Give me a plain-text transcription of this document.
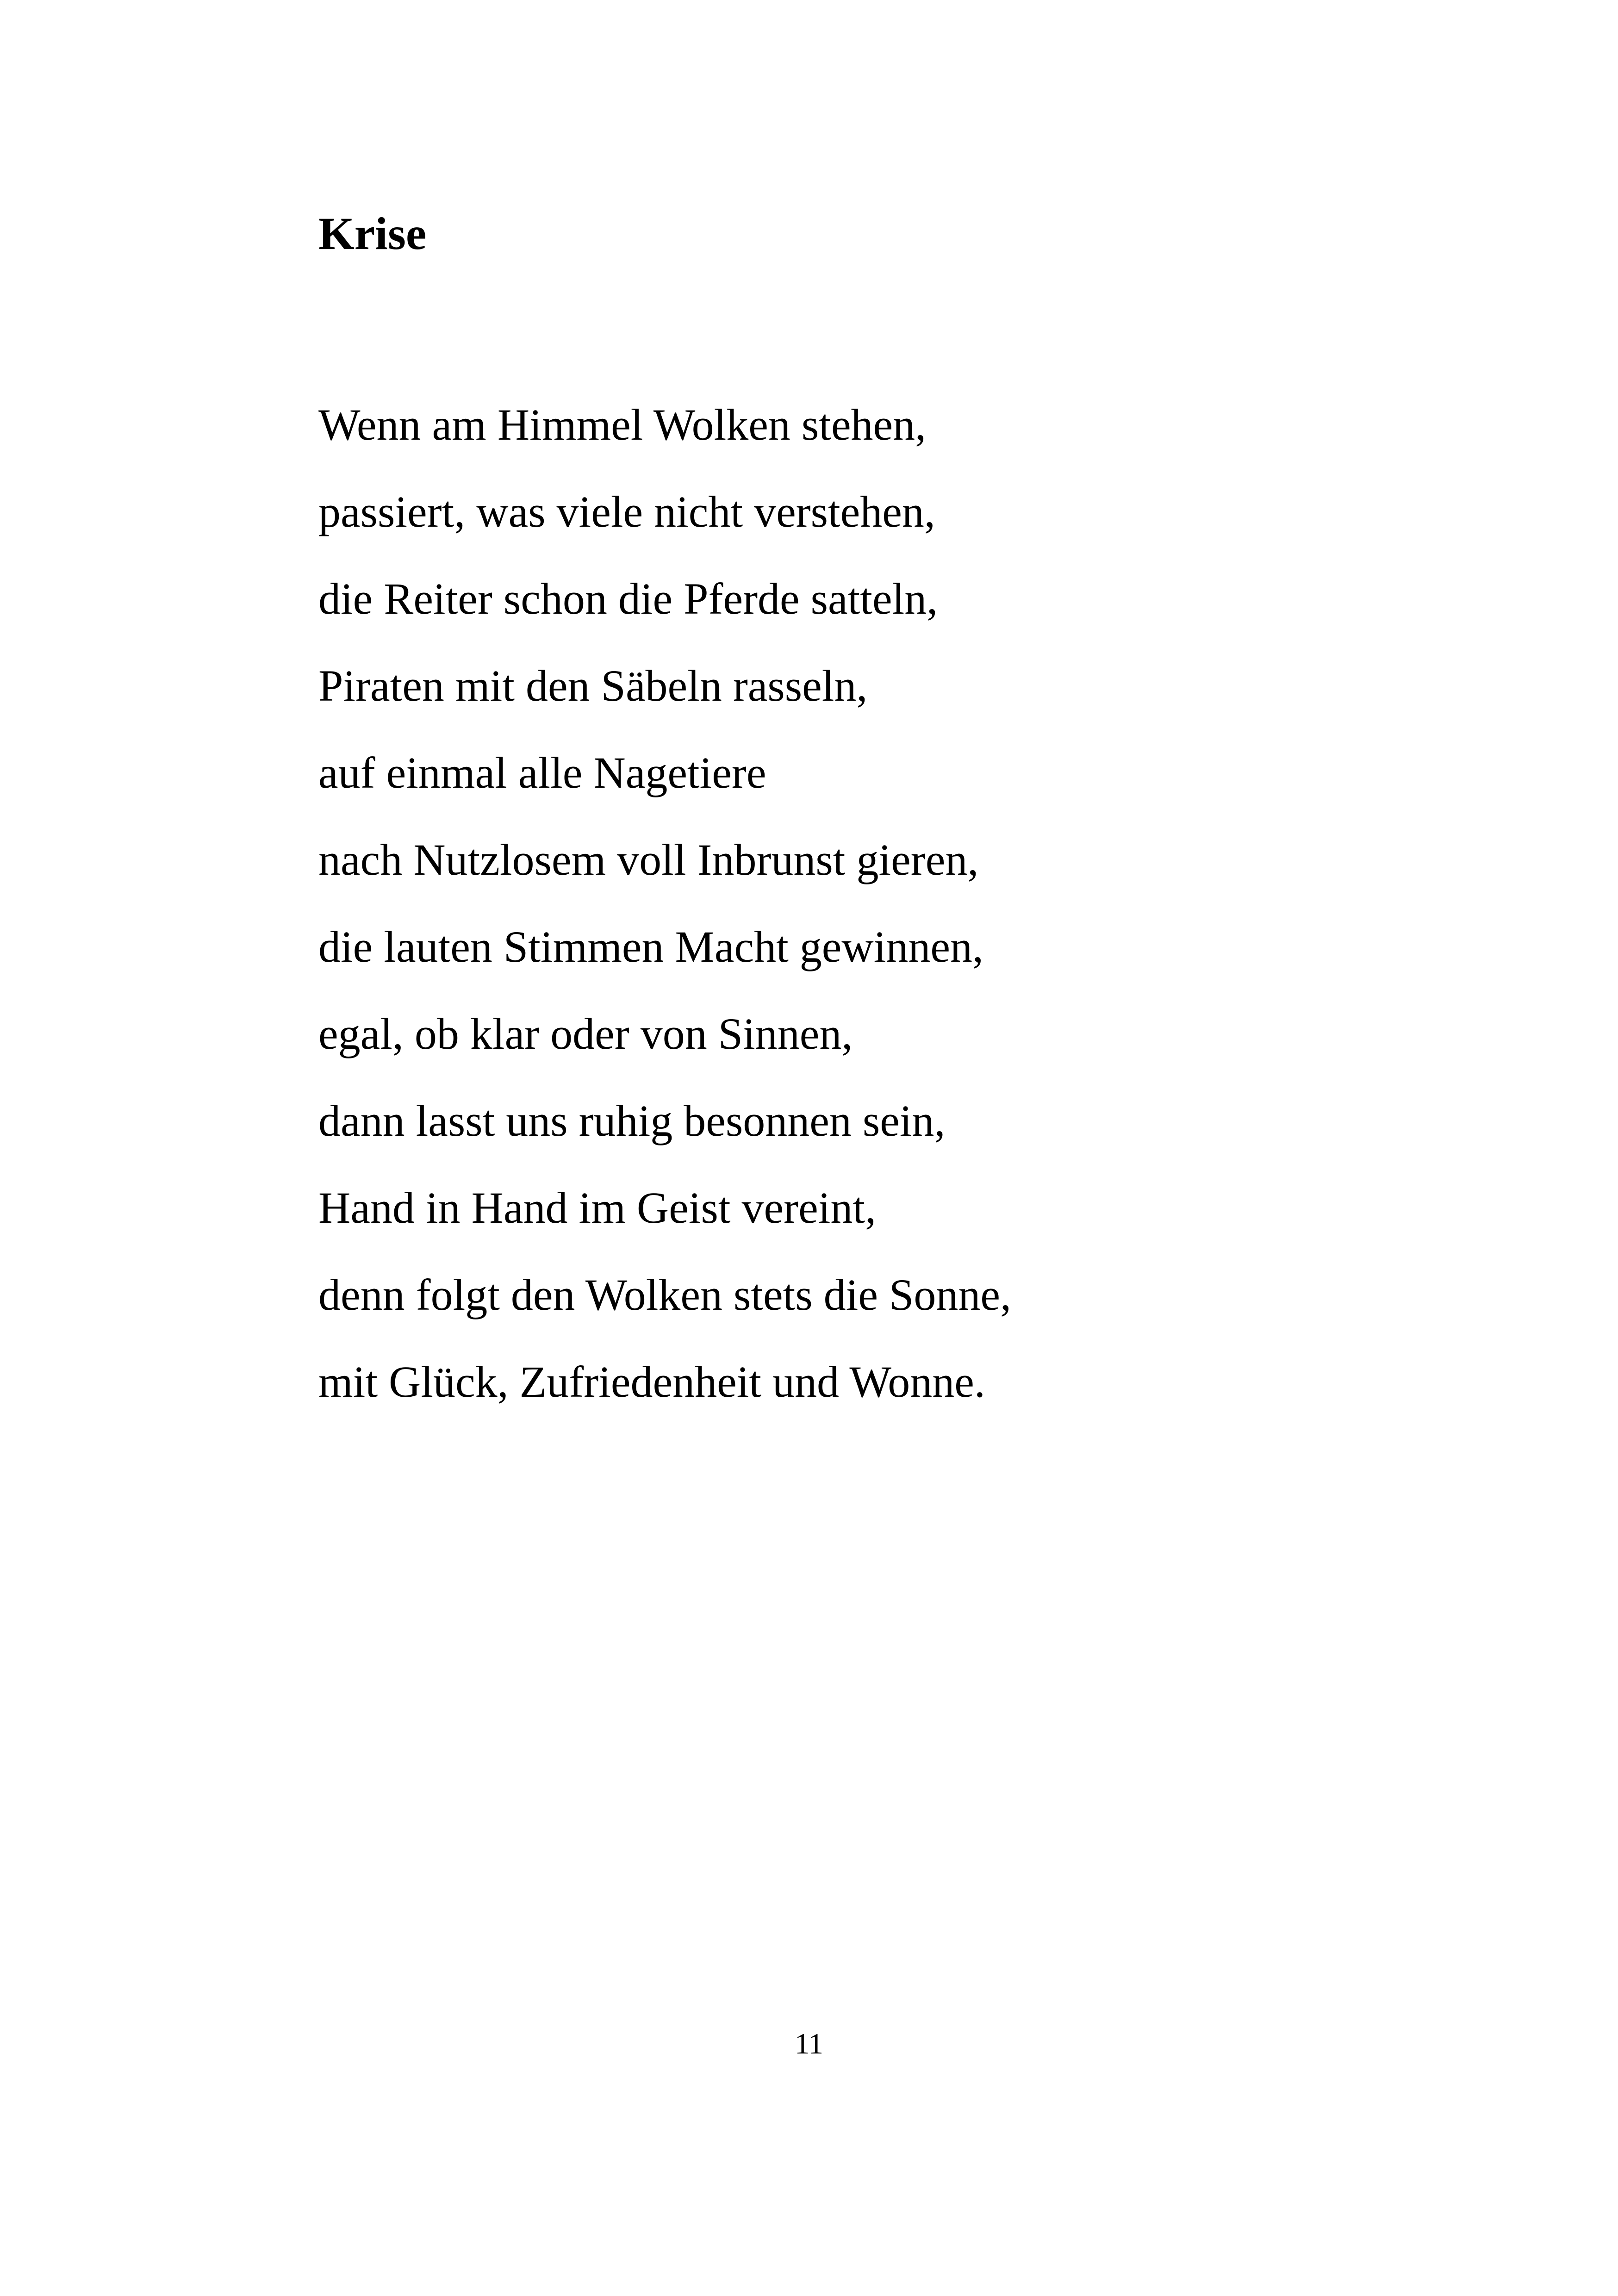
Krise
Wenn am Himmel Wolken stehen,
passiert, was viele nicht verstehen,
die Reiter schon die Pferde satteln,
Piraten mit den Säbeln rasseln,
auf einmal alle Nagetiere
nach Nutzlosem voll Inbrunst gieren,
die lauten Stimmen Macht gewinnen,
egal, ob klar oder von Sinnen,
dann lasst uns ruhig besonnen sein,
Hand in Hand im Geist vereint,
denn folgt den Wolken stets die Sonne,
mit Glück, Zufriedenheit und Wonne.
11
